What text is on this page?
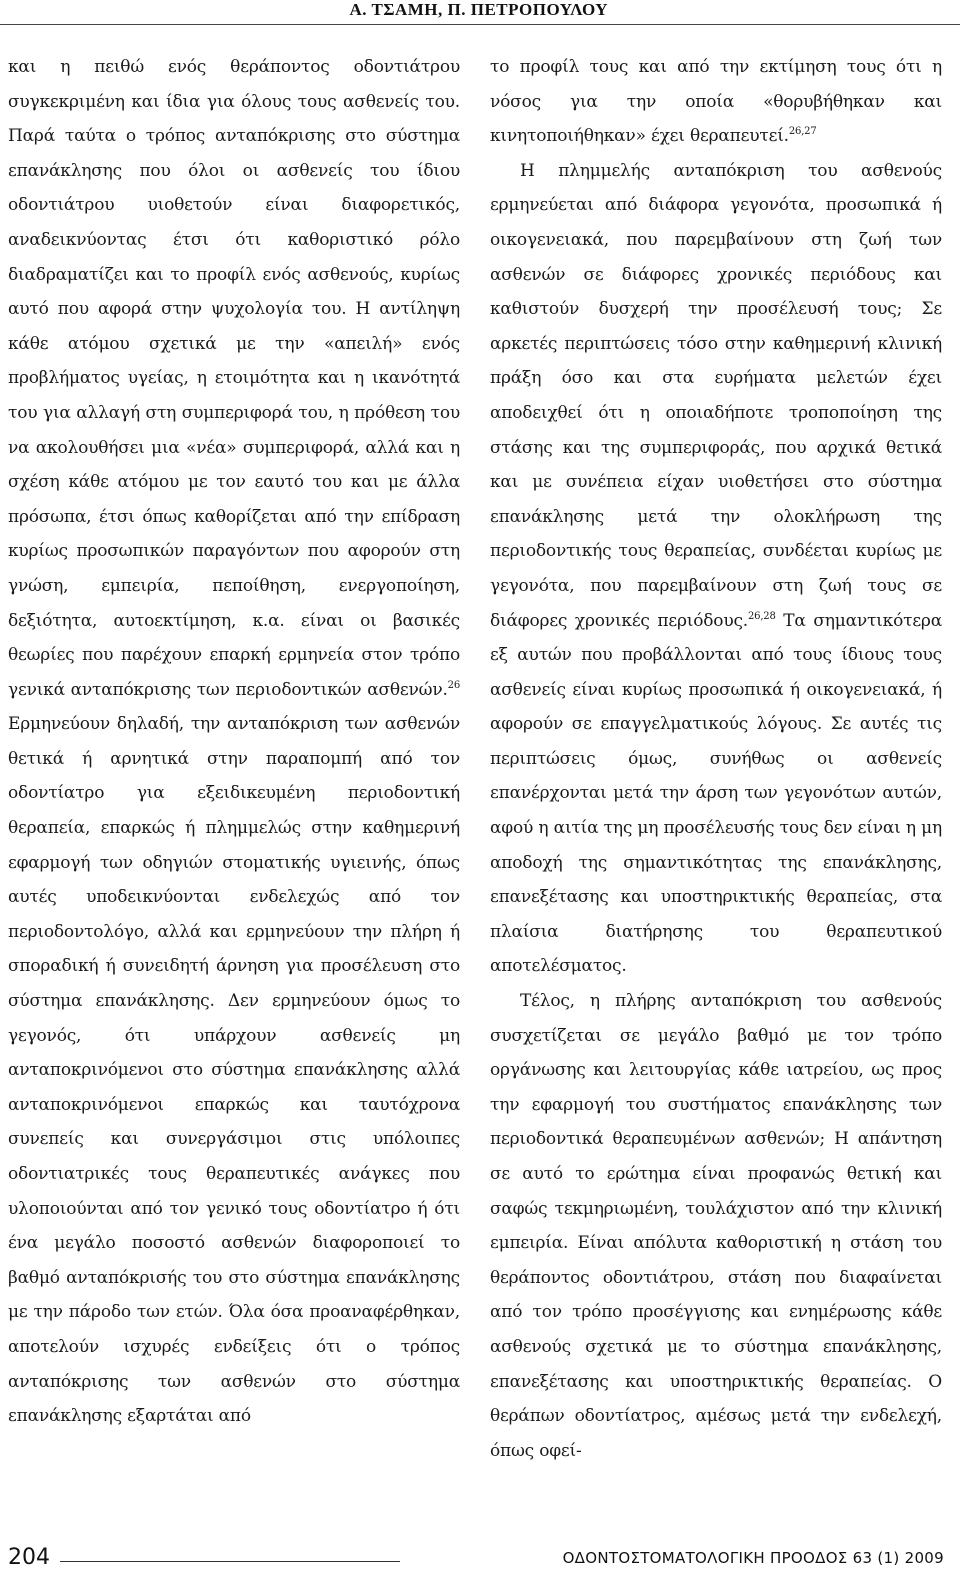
Α. ΤΣΑΜΗ, Π. ΠΕΤΡΟΠΟΥΛΟΥ

και η πειθώ ενός θεράποντος οδοντιάτρου συγκεκριμένη και ίδια για όλους τους ασθενείς του. Παρά ταύτα ο τρόπος ανταπόκρισης στο σύστημα επανάκλησης που όλοι οι ασθενείς του ίδιου οδοντιάτρου υιοθετούν είναι διαφορετικός, αναδεικνύοντας έτσι ότι καθοριστικό ρόλο διαδραματίζει και το προφίλ ενός ασθενούς, κυρίως αυτό που αφορά στην ψυχολογία του. Η αντίληψη κάθε ατόμου σχετικά με την «απειλή» ενός προβλήματος υγείας, η ετοιμότητα και η ικανότητά του για αλλαγή στη συμπεριφορά του, η πρόθεση του να ακολουθήσει μια «νέα» συμπεριφορά, αλλά και η σχέση κάθε ατόμου με τον εαυτό του και με άλλα πρόσωπα, έτσι όπως καθορίζεται από την επίδραση κυρίως προσωπικών παραγόντων που αφορούν στη γνώση, εμπειρία, πεποίθηση, ενεργοποίηση, δεξιότητα, αυτοεκτίμηση, κ.α. είναι οι βασικές θεωρίες που παρέχουν επαρκή ερμηνεία στον τρόπο γενικά ανταπόκρισης των περιοδοντικών ασθενών.$^{26}$ Ερμηνεύουν δηλαδή, την ανταπόκριση των ασθενών θετικά ή αρνητικά στην παραπομπή από τον οδοντίατρο για εξειδικευμένη περιοδοντική θεραπεία, επαρκώς ή πλημμελώς στην καθημερινή εφαρμογή των οδηγιών στοματικής υγιεινής, όπως αυτές υποδεικνύονται ενδελεχώς από τον περιοδοντολόγο, αλλά και ερμηνεύουν την πλήρη ή σποραδική ή συνειδητή άρνηση για προσέλευση στο σύστημα επανάκλησης. Δεν ερμηνεύουν όμως το γεγονός, ότι υπάρχουν ασθενείς μη ανταποκρινόμενοι στο σύστημα επανάκλησης αλλά ανταποκρινόμενοι επαρκώς και ταυτόχρονα συνεπείς και συνεργάσιμοι στις υπόλοιπες οδοντιατρικές τους θεραπευτικές ανάγκες που υλοποιούνται από τον γενικό τους οδοντίατρο ή ότι ένα μεγάλο ποσοστό ασθενών διαφοροποιεί το βαθμό ανταπόκρισής του στο σύστημα επανάκλησης με την πάροδο των ετών. Όλα όσα προαναφέρθηκαν, αποτελούν ισχυρές ενδείξεις ότι ο τρόπος ανταπόκρισης των ασθενών στο σύστημα επανάκλησης εξαρτάται από

το προφίλ τους και από την εκτίμηση τους ότι η νόσος για την οποία «θορυβήθηκαν και κινητοποιήθηκαν» έχει θεραπευτεί.$^{26,27}$

Η πλημμελής ανταπόκριση του ασθενούς ερμηνεύεται από διάφορα γεγονότα, προσωπικά ή οικογενειακά, που παρεμβαίνουν στη ζωή των ασθενών σε διάφορες χρονικές περιόδους και καθιστούν δυσχερή την προσέλευσή τους; Σε αρκετές περιπτώσεις τόσο στην καθημερινή κλινική πράξη όσο και στα ευρήματα μελετών έχει αποδειχθεί ότι η οποιαδήποτε τροποποίηση της στάσης και της συμπεριφοράς, που αρχικά θετικά και με συνέπεια είχαν υιοθετήσει στο σύστημα επανάκλησης μετά την ολοκλήρωση της περιοδοντικής τους θεραπείας, συνδέεται κυρίως με γεγονότα, που παρεμβαίνουν στη ζωή τους σε διάφορες χρονικές περιόδους.$^{26,28}$ Τα σημαντικότερα εξ αυτών που προβάλλονται από τους ίδιους τους ασθενείς είναι κυρίως προσωπικά ή οικογενειακά, ή αφορούν σε επαγγελματικούς λόγους. Σε αυτές τις περιπτώσεις όμως, συνήθως οι ασθενείς επανέρχονται μετά την άρση των γεγονότων αυτών, αφού η αιτία της μη προσέλευσής τους δεν είναι η μη αποδοχή της σημαντικότητας της επανάκλησης, επανεξέτασης και υποστηρικτικής θεραπείας, στα πλαίσια διατήρησης του θεραπευτικού αποτελέσματος.

Τέλος, η πλήρης ανταπόκριση του ασθενούς συσχετίζεται σε μεγάλο βαθμό με τον τρόπο οργάνωσης και λειτουργίας κάθε ιατρείου, ως προς την εφαρμογή του συστήματος επανάκλησης των περιοδοντικά θεραπευμένων ασθενών; Η απάντηση σε αυτό το ερώτημα είναι προφανώς θετική και σαφώς τεκμηριωμένη, τουλάχιστον από την κλινική εμπειρία. Είναι απόλυτα καθοριστική η στάση του θεράποντος οδοντιάτρου, στάση που διαφαίνεται από τον τρόπο προσέγγισης και ενημέρωσης κάθε ασθενούς σχετικά με το σύστημα επανάκλησης, επανεξέτασης και υποστηρικτικής θεραπείας. Ο θεράπων οδοντίατρος, αμέσως μετά την ενδελεχή, όπως οφεί-

204	ΟΔΟΝΤΟΣΤΟΜΑΤΟΛΟΓΙΚΗ ΠΡΟΟΔΟΣ 63 (1) 2009
